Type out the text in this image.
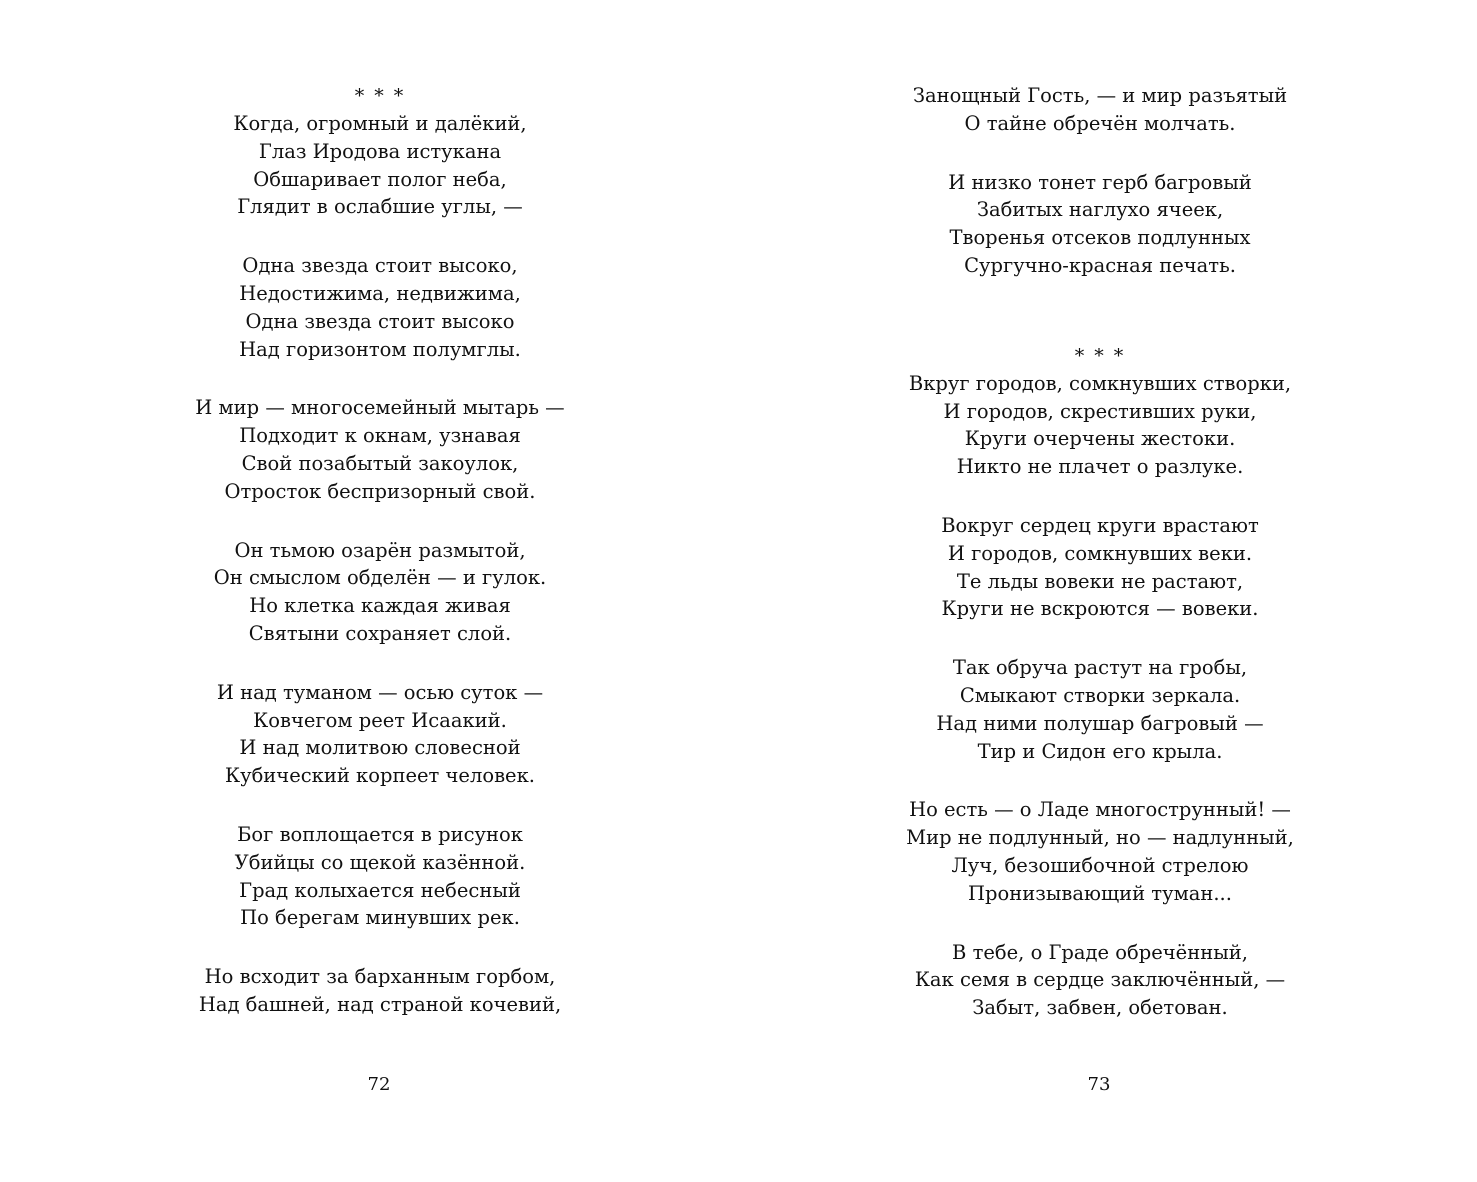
* * *
Когда, огромный и далёкий,
Глаз Иродова истукана
Обшаривает полог неба,
Глядит в ослабшие углы, —
Одна звезда стоит высоко,
Недостижима, недвижима,
Одна звезда стоит высоко
Над горизонтом полумглы.
И мир — многосемейный мытарь —
Подходит к окнам, узнавая
Свой позабытый закоулок,
Отросток беспризорный свой.
Он тьмою озарён размытой,
Он смыслом обделён — и гулок.
Но клетка каждая живая
Святыни сохраняет слой.
И над туманом — осью суток —
Ковчегом реет Исаакий.
И над молитвою словесной
Кубический корпеет человек.
Бог воплощается в рисунок
Убийцы со щекой казённой.
Град колыхается небесный
По берегам минувших рек.
Но всходит за барханным горбом,
Над башней, над страной кочевий,
72
Занощный Гость, — и мир разъятый
О тайне обречён молчать.
И низко тонет герб багровый
Забитых наглухо ячеек,
Творенья отсеков подлунных
Сургучно-красная печать.
* * *
Вкруг городов, сомкнувших створки,
И городов, скрестивших руки,
Круги очерчены жестоки.
Никто не плачет о разлуке.
Вокруг сердец круги врастают
И городов, сомкнувших веки.
Те льды вовеки не растают,
Круги не вскроются — вовеки.
Так обруча растут на гробы,
Смыкают створки зеркала.
Над ними полушар багровый —
Тир и Сидон его крыла.
Но есть — о Ладе многострунный! —
Мир не подлунный, но — надлунный,
Луч, безошибочной стрелою
Пронизывающий туман...
В тебе, о Граде обречённый,
Как семя в сердце заключённый, —
Забыт, забвен, обетован.
73
